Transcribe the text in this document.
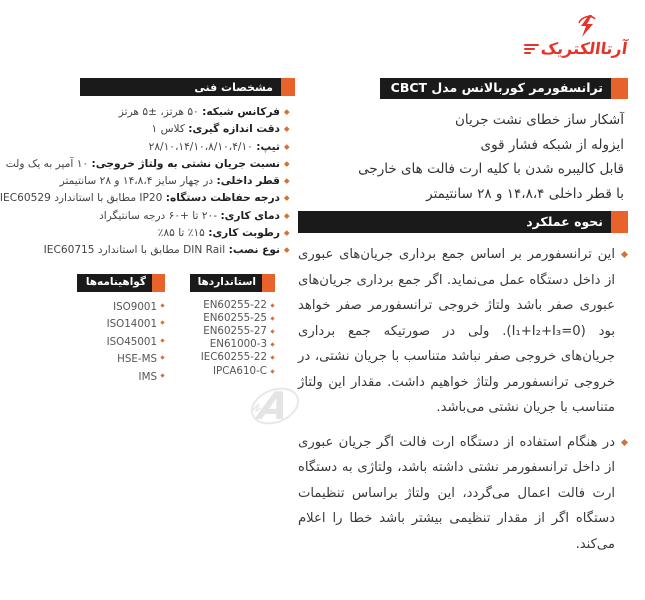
آرتاالکتریک
ترانسفورمر کوربالانس مدل CBCT
آشکار ساز خطای نشت جریان
ایزوله از شبکه فشار قوی
قابل کالیبره شدن با کلیه ارت فالت های خارجی
با قطر داخلی ۱۴،۸،۴ و ۲۸ سانتیمتر
نحوه عملکرد
این ترانسفورمر بر اساس جمع برداری جریان‌های عبوری از داخل دستگاه عمل می‌نماید. اگر جمع برداری جریان‌های عبوری صفر باشد ولتاژ خروجی ترانسفورمر صفر خواهد بود (I₁+I₂+I₃=0). ولی در صورتیکه جمع برداری جریان‌های خروجی صفر نباشد متناسب با جریان نشتی، در خروجی ترانسفورمر ولتاژ خواهیم داشت. مقدار این ولتاژ متناسب با جریان نشتی می‌باشد.
در هنگام استفاده از دستگاه ارت فالت اگر جریان عبوری از داخل ترانسفورمر نشتی داشته باشد، ولتاژی به دستگاه ارت فالت اعمال می‌گردد، این ولتاژ براساس تنظیمات دستگاه اگر از مقدار تنظیمی بیشتر باشد خطا را اعلام می‌کند.
مشخصات فنی
فرکانس شبکه: ۵۰ هرتز، ±۵ هرتز
دقت اندازه گیری: کلاس ۱
تیپ: ۲۸/۱۰،۱۴/۱۰،۸/۱۰،۴/۱۰
نسبت جریان نشتی به ولتاژ خروجی: ۱۰ آمپر به یک ولت
قطر داخلی: در چهار سایز ۱۴،۸،۴ و ۲۸ سانتیمتر
درجه حفاظت دستگاه: IP20 مطابق با استاندارد IEC60529
دمای کاری: -۲۰ تا +۶۰ درجه سانتیگراد
رطوبت کاری: ۱۵٪ تا ۸۵٪
نوع نصب: DIN Rail مطابق با استاندارد IEC60715
استانداردها
EN60255-22
EN60255-25
EN60255-27
EN61000-3
IEC60255-22
IPCA610-C
گواهینامه‌ها
ISO9001
ISO14001
ISO45001
HSE-MS
IMS
A
